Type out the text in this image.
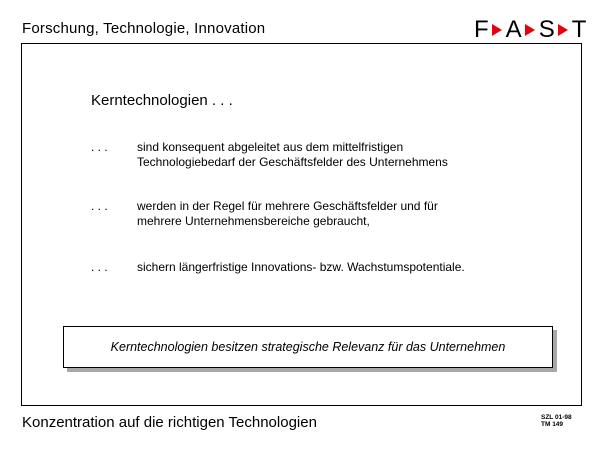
Forschung, Technologie, Innovation	F A S T
Kerntechnologien . . .
. . . sind konsequent abgeleitet aus dem mittelfristigen
Technologiebedarf der Geschäftsfelder des Unternehmens
. . . werden in der Regel für mehrere Geschäftsfelder und für
mehrere Unternehmensbereiche gebraucht,
. . . sichern längerfristige Innovations- bzw. Wachstumspotentiale.
Kerntechnologien besitzen strategische Relevanz für das Unternehmen
Konzentration auf die richtigen Technologien	SZL 01-98
TM 149
